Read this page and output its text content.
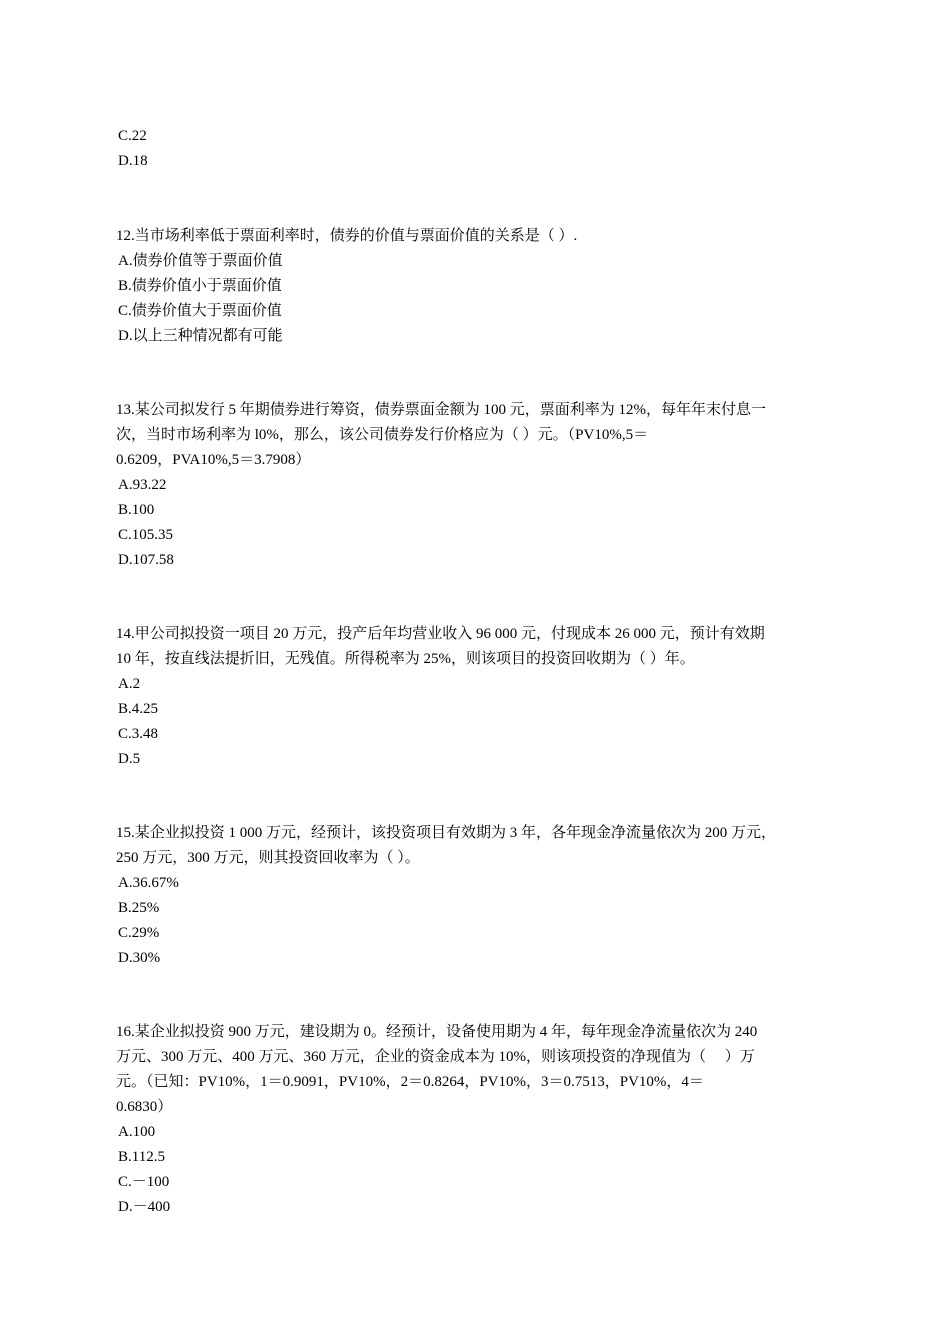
C.22
D.18
12.当市场利率低于票面利率时，债券的价值与票面价值的关系是（ ）.
A.债券价值等于票面价值
B.债券价值小于票面价值
C.债券价值大于票面价值
D.以上三种情况都有可能
13.某公司拟发行 5 年期债券进行筹资，债券票面金额为 100 元，票面利率为 12%，每年年末付息一
次，当时市场利率为 l0%，那么，该公司债券发行价格应为（ ）元。（PV10%,5＝
0.6209，PVA10%,5＝3.7908）
A.93.22
B.100
C.105.35
D.107.58
14.甲公司拟投资一项目 20 万元，投产后年均营业收入 96 000 元，付现成本 26 000 元，预计有效期
10 年，按直线法提折旧，无残值。所得税率为 25%，则该项目的投资回收期为（ ）年。
A.2
B.4.25
C.3.48
D.5
15.某企业拟投资 1 000 万元，经预计，该投资项目有效期为 3 年，各年现金净流量依次为 200 万元，
250 万元，300 万元，则其投资回收率为（ ）。
A.36.67%
B.25%
C.29%
D.30%
16.某企业拟投资 900 万元，建设期为 0。经预计，设备使用期为 4 年，每年现金净流量依次为 240
万元、300 万元、400 万元、360 万元，企业的资金成本为 10%，则该项投资的净现值为（　 ）万
元。（已知：PV10%，1＝0.9091，PV10%，2＝0.8264，PV10%，3＝0.7513，PV10%，4＝
0.6830）
A.100
B.112.5
C.－100
D.－400
